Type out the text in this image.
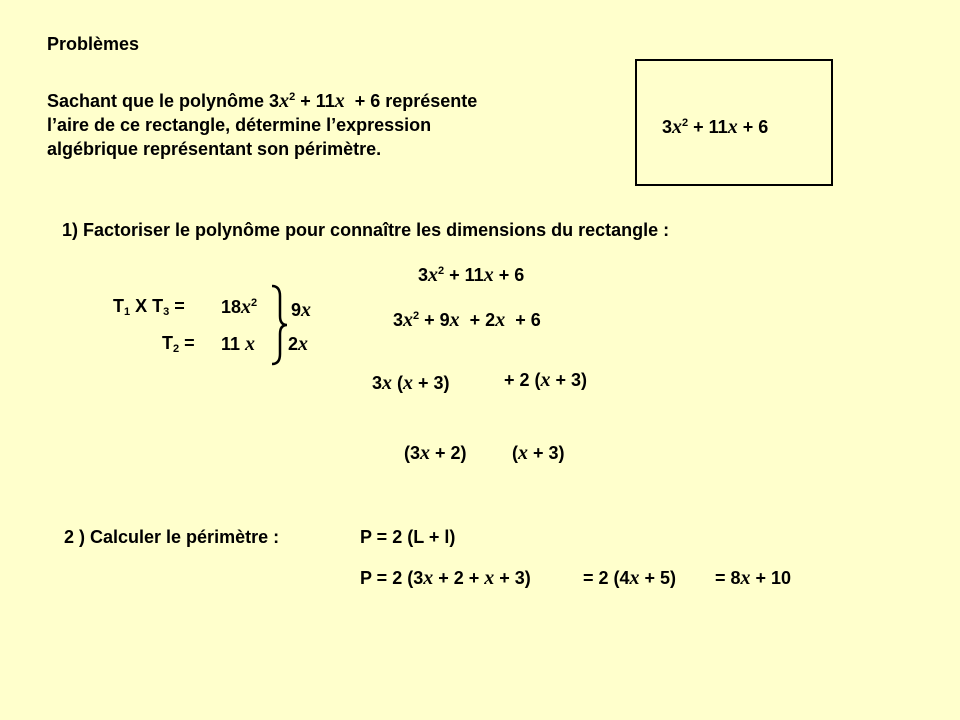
Problèmes
Sachant que le polynôme $3x^2 + 11x + 6$ représente
l’aire de ce rectangle, détermine l’expression
algébrique représentant son périmètre.
$3x^2 + 11x + 6$
1) Factoriser le polynôme pour connaître les dimensions du rectangle :
$3x^2 + 11x + 6$
$T_1$ X $T_3 = 18x^2$
$T_2 = 11$ x
9x
2x
$3x^2 + 9x + 2x + 6$
3x (x + 3)	+ 2 (x + 3)
(3x + 2)	(x + 3)
2 ) Calculer le périmètre :	P = 2 (L + l)
P = 2 (3x + 2 + x + 3)	= 2 (4x + 5) = 8x + 10
